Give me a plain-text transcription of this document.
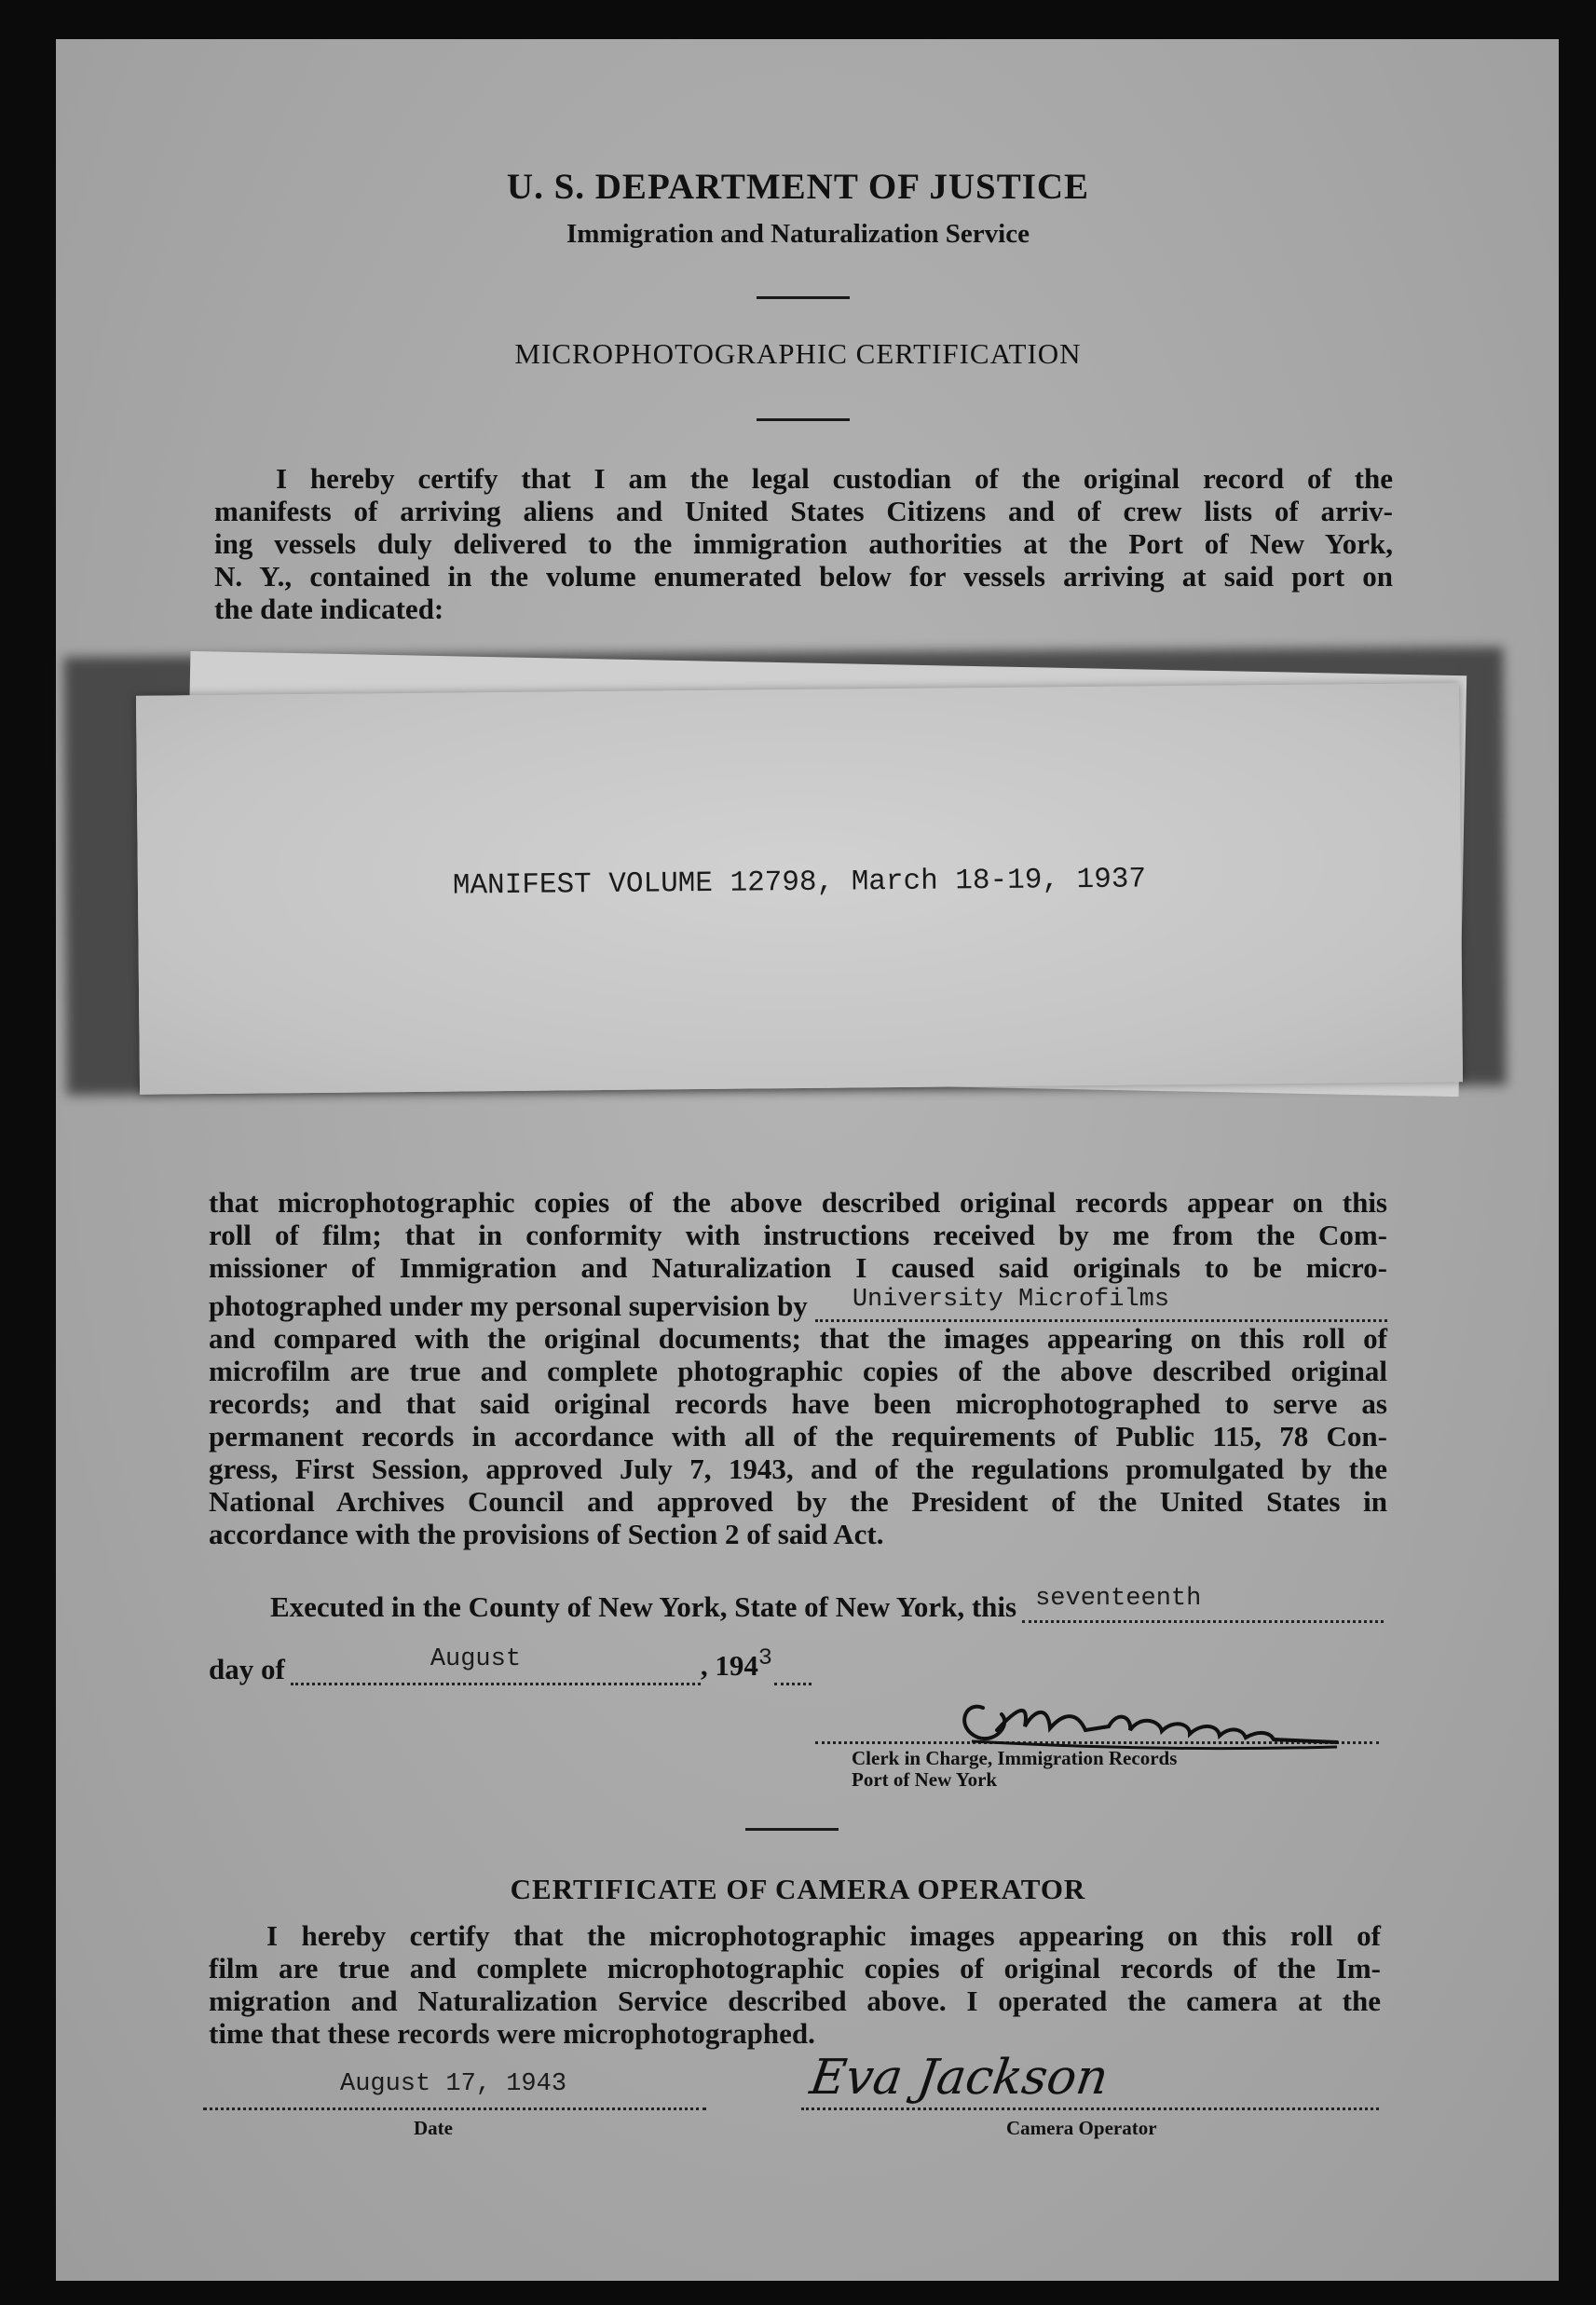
U. S. DEPARTMENT OF JUSTICE
Immigration and Naturalization Service
MICROPHOTOGRAPHIC CERTIFICATION
I hereby certify that I am the legal custodian of the original record of the
manifests of arriving aliens and United States Citizens and of crew lists of arriv-
ing vessels duly delivered to the immigration authorities at the Port of New York,
N. Y., contained in the volume enumerated below for vessels arriving at said port on
the date indicated:
MANIFEST VOLUME 12798, March 18-19, 1937
that microphotographic copies of the above described original records appear on this
roll of film; that in conformity with instructions received by me from the Com-
missioner of Immigration and Naturalization I caused said originals to be micro-
photographed under my personal supervision by University Microfilms
and compared with the original documents; that the images appearing on this roll of
microfilm are true and complete photographic copies of the above described original
records; and that said original records have been microphotographed to serve as
permanent records in accordance with all of the requirements of Public 115, 78 Con-
gress, First Session, approved July 7, 1943, and of the regulations promulgated by the
National Archives Council and approved by the President of the United States in
accordance with the provisions of Section 2 of said Act.
Executed in the County of New York, State of New York, this seventeenth
day of	August	, $194^3$
Clerk in Charge, Immigration Records
Port of New York
CERTIFICATE OF CAMERA OPERATOR
I hereby certify that the microphotographic images appearing on this roll of
film are true and complete microphotographic copies of original records of the Im-
migration and Naturalization Service described above. I operated the camera at the
time that these records were microphotographed.
August 17, 1943
Date
Eva Jackson
Camera Operator
